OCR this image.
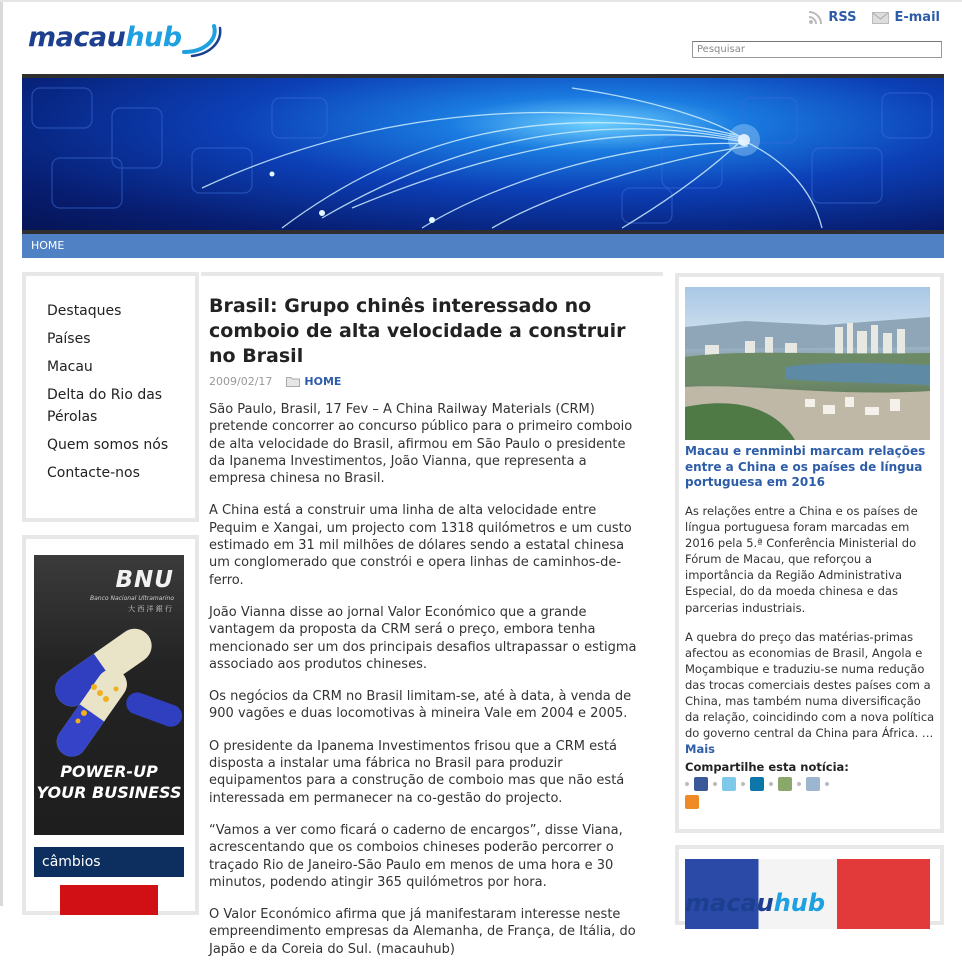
macauhub
RSS	E-mail
Pesquisar
HOME
Destaques
Países
Macau
Delta do Rio das Pérolas
Quem somos nós
Contacte-nos
BNU
Banco Nacional Ultramarino
大 西 洋 銀 行
POWER-UP
YOUR BUSINESS
câmbios
Brasil: Grupo chinês interessado no comboio de alta velocidade a construir no Brasil
2009/02/17	HOME

São Paulo, Brasil, 17 Fev – A China Railway Materials (CRM) pretende concorrer ao concurso público para o primeiro comboio de alta velocidade do Brasil, afirmou em São Paulo o presidente da Ipanema Investimentos, João Vianna, que representa a empresa chinesa no Brasil.

A China está a construir uma linha de alta velocidade entre Pequim e Xangai, um projecto com 1318 quilómetros e um custo estimado em 31 mil milhões de dólares sendo a estatal chinesa um conglomerado que constrói e opera linhas de caminhos-de-ferro.

João Vianna disse ao jornal Valor Económico que a grande vantagem da proposta da CRM será o preço, embora tenha mencionado ser um dos principais desafios ultrapassar o estigma associado aos produtos chineses.

Os negócios da CRM no Brasil limitam-se, até à data, à venda de 900 vagões e duas locomotivas à mineira Vale em 2004 e 2005.

O presidente da Ipanema Investimentos frisou que a CRM está disposta a instalar uma fábrica no Brasil para produzir equipamentos para a construção de comboio mas que não está interessada em permanecer na co-gestão do projecto.

“Vamos a ver como ficará o caderno de encargos”, disse Viana, acrescentando que os comboios chineses poderão percorrer o traçado Rio de Janeiro-São Paulo em menos de uma hora e 30 minutos, podendo atingir 365 quilómetros por hora.

O Valor Económico afirma que já manifestaram interesse neste empreendimento empresas da Alemanha, de França, de Itália, do Japão e da Coreia do Sul. (macauhub)

Macau e renminbi marcam relações entre a China e os países de língua portuguesa em 2016

As relações entre a China e os países de língua portuguesa foram marcadas em 2016 pela 5.ª Conferência Ministerial do Fórum de Macau, que reforçou a importância da Região Administrativa Especial, do da moeda chinesa e das parcerias industriais.

A quebra do preço das matérias-primas afectou as economias de Brasil, Angola e Moçambique e traduziu-se numa redução das trocas comerciais destes países com a China, mas também numa diversificação da relação, coincidindo com a nova política do governo central da China para África. … Mais

Compartilhe esta notícia:
macauhub
